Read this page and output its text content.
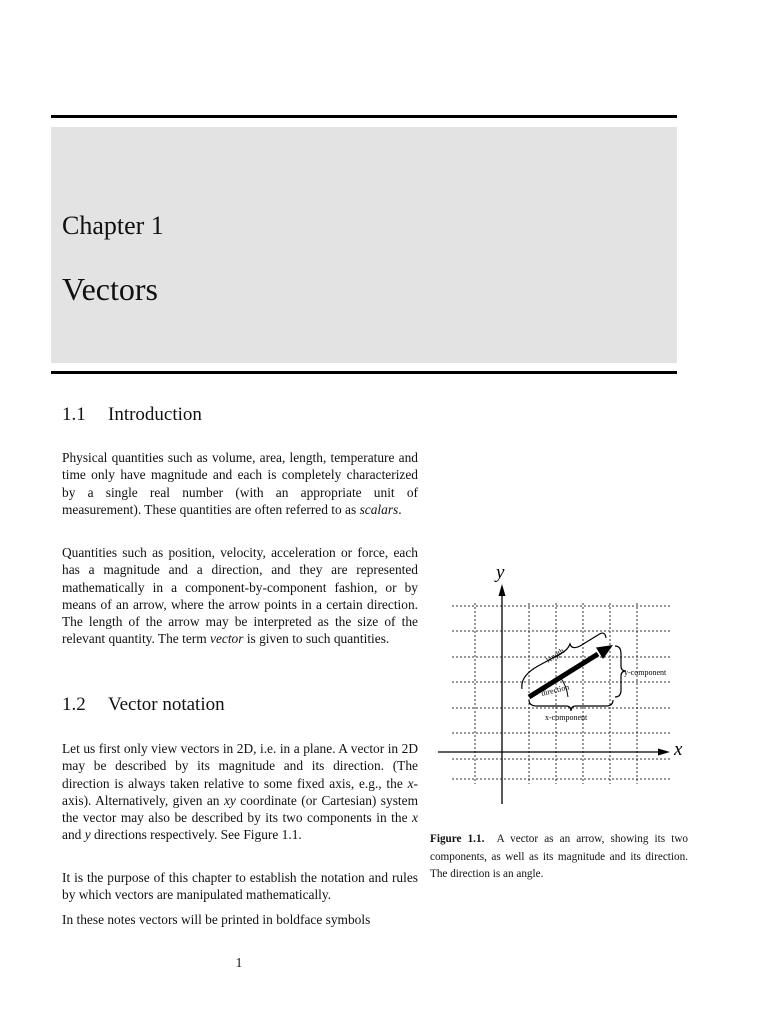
Chapter 1
Vectors
1.1 Introduction

Physical quantities such as volume, area, length, temperature and time only have magnitude and each is completely characterized by a single real number (with an appropriate unit of measurement). These quantities are often referred to as scalars.

Quantities such as position, velocity, acceleration or force, each has a magnitude and a direction, and they are represented mathematically in a component-by-component fashion, or by means of an arrow, where the arrow points in a certain direction. The length of the arrow may be interpreted as the size of the relevant quantity. The term vector is given to such quantities.

1.2 Vector notation

Let us first only view vectors in 2D, i.e. in a plane. A vector in 2D may be described by its magnitude and its direction. (The direction is always taken relative to some fixed axis, e.g., the x-axis). Alternatively, given an xy coordinate (or Cartesian) system the vector may also be described by its two components in the x and y directions respectively. See Figure 1.1.

It is the purpose of this chapter to establish the notation and rules by which vectors are manipulated mathematically.

In these notes vectors will be printed in boldface symbols

y
x
length
direction
x-component
y-component

Figure 1.1. A vector as an arrow, showing its two components, as well as its magnitude and its direction. The direction is an angle.

1
